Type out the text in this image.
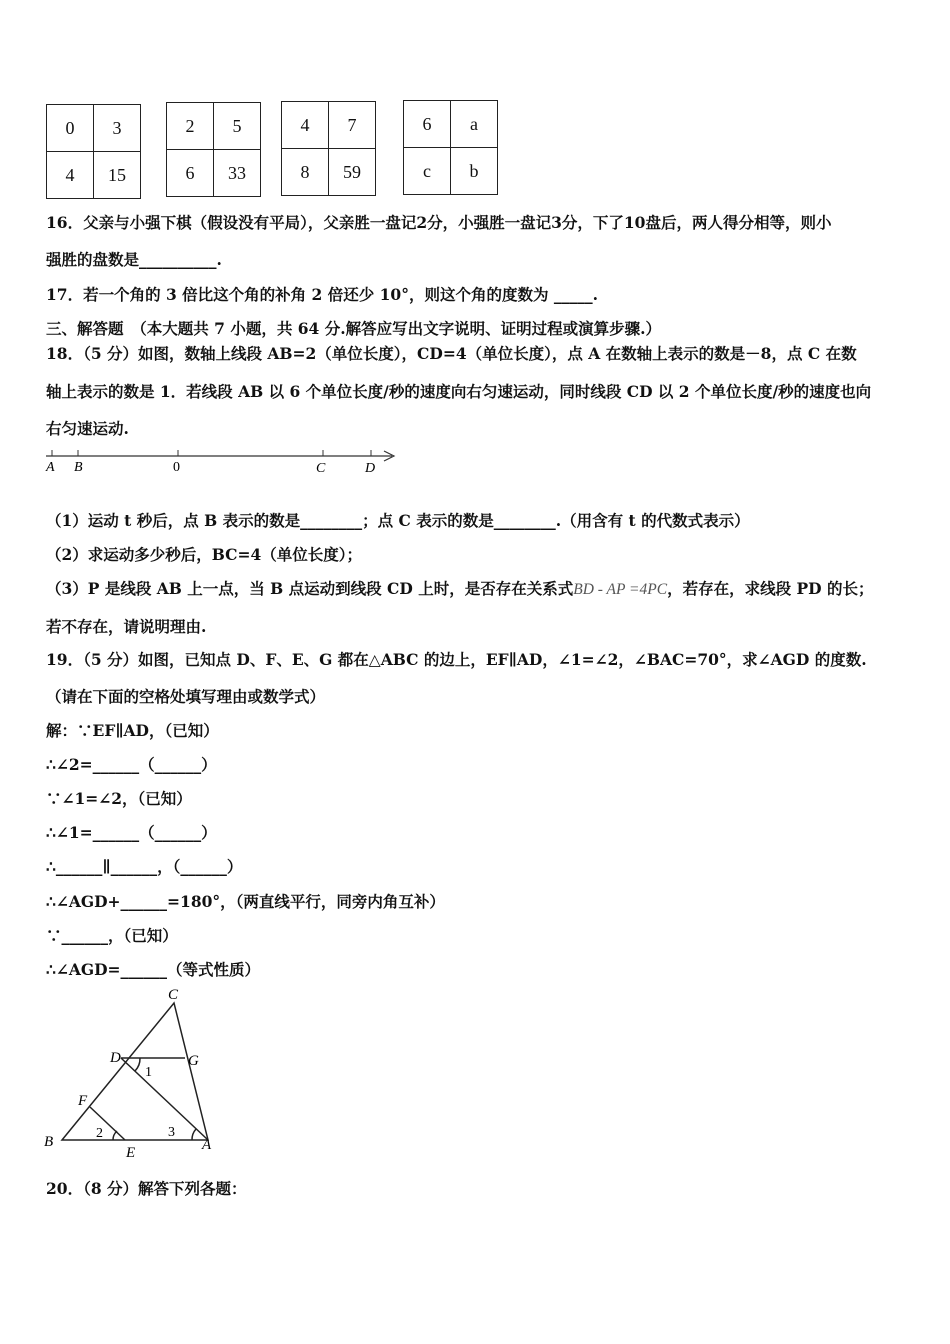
0	3
4	15
2	5
6	33
4	7
8	59
6	a
c	b
16．父亲与小强下棋（假设没有平局），父亲胜一盘记2分，小强胜一盘记3分，下了10盘后，两人得分相等，则小
强胜的盘数是__________.
17．若一个角的 3 倍比这个角的补角 2 倍还少 10°，则这个角的度数为 _____.
三、解答题　（本大题共 7 小题，共 64 分.解答应写出文字说明、证明过程或演算步骤.）
18．（5 分）如图，数轴上线段 AB=2（单位长度），CD=4（单位长度），点 A 在数轴上表示的数是－8，点 C 在数
轴上表示的数是 1．若线段 AB 以 6 个单位长度/秒的速度向右匀速运动，同时线段 CD 以 2 个单位长度/秒的速度也向
右匀速运动.
A B	0	C	D
（1）运动 t 秒后，点 B 表示的数是________；点 C 表示的数是________.（用含有 t 的代数式表示）
（2）求运动多少秒后，BC=4（单位长度）；
（3）P 是线段 AB 上一点，当 B 点运动到线段 CD 上时，是否存在关系式BD - AP =4PC，若存在，求线段 PD 的长；
若不存在，请说明理由.
19．（5 分）如图，已知点 D、F、E、G 都在△ABC 的边上，EF∥AD，∠1=∠2，∠BAC=70°，求∠AGD 的度数.
（请在下面的空格处填写理由或数学式）
解：∵EF∥AD，（已知）
∴∠2=______（______）
∵∠1=∠2，（已知）
∴∠1=______（______）
∴______∥______，（______）
∴∠AGD+______=180°，（两直线平行，同旁内角互补）
∵______，（已知）
∴∠AGD=______（等式性质）
C
D	G
F
B
E	A
1
2	3
20．（8 分）解答下列各题：
